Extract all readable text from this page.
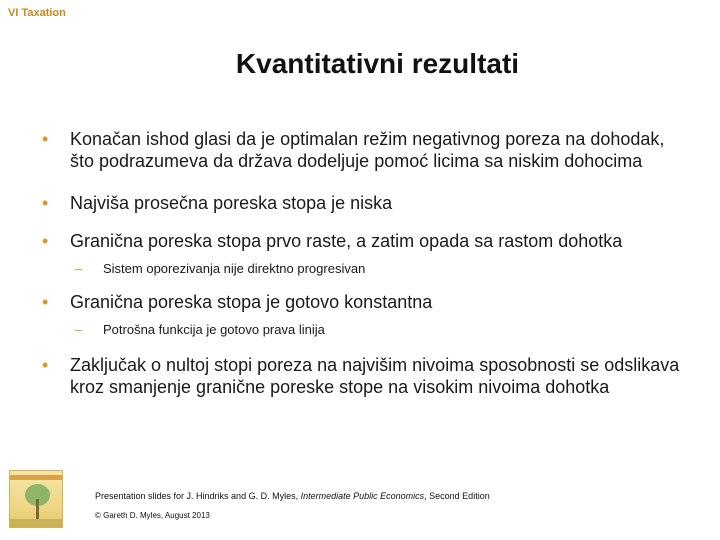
VI Taxation
Kvantitativni rezultati
• Konačan ishod glasi da je optimalan režim negativnog poreza na dohodak, što podrazumeva da država dodeljuje pomoć licima sa niskim dohocima
• Najviša prosečna poreska stopa je niska
• Granična poreska stopa prvo raste, a zatim opada sa rastom dohotka
– Sistem oporezivanja nije direktno progresivan
• Granična poreska stopa je gotovo konstantna
– Potrošna funkcija je gotovo prava linija
• Zaključak o nultoj stopi poreza na najvišim nivoima sposobnosti se odslikava kroz smanjenje granične poreske stope na visokim nivoima dohotka
Presentation slides for J. Hindriks and G. D. Myles, Intermediate Public Economics, Second Edition
© Gareth D. Myles, August 2013
